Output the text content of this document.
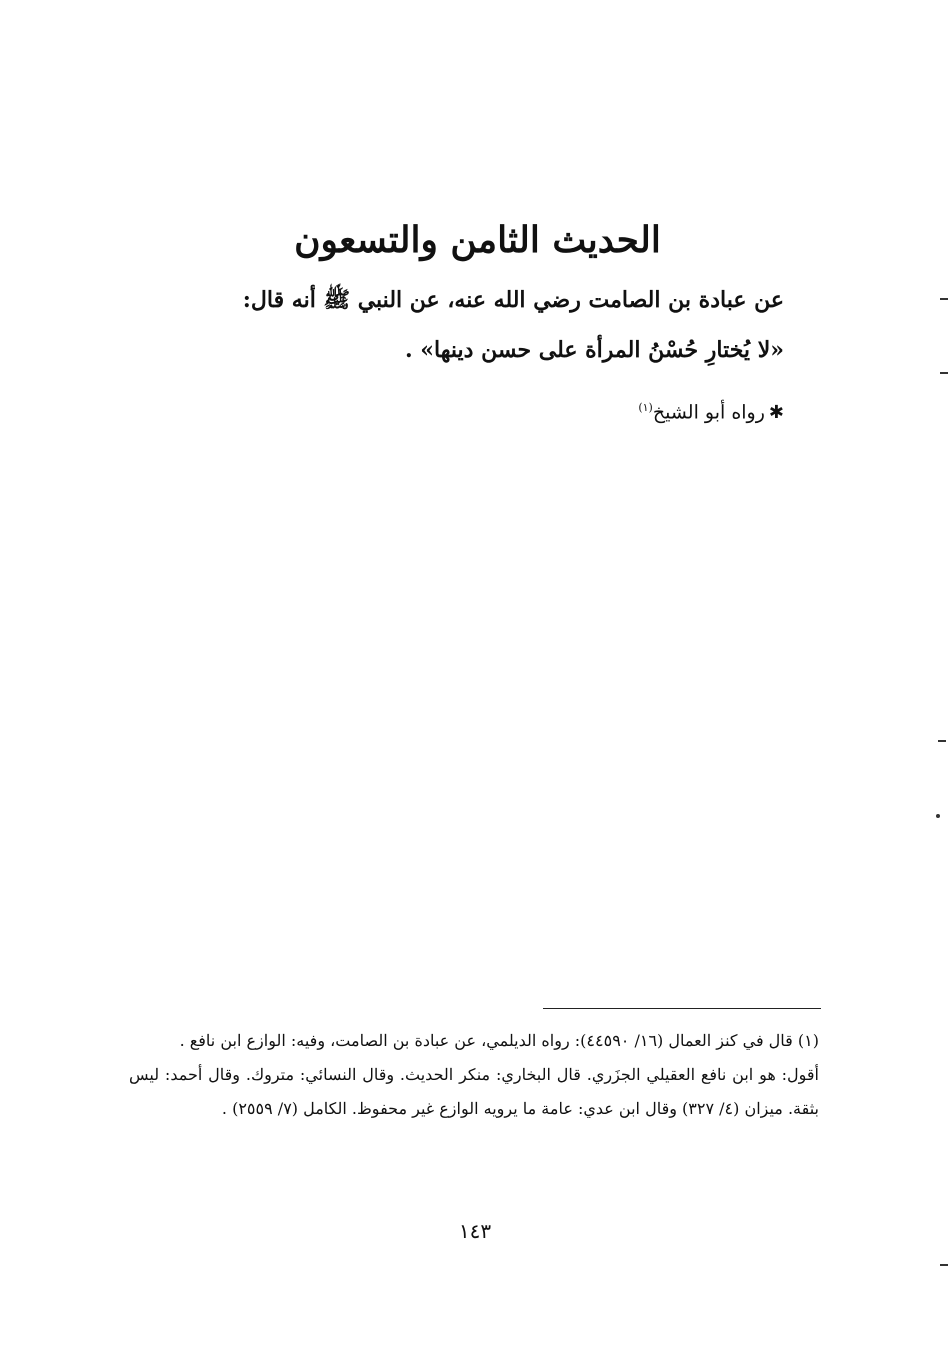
الحديث الثامن والتسعون
عن عبادة بن الصامت رضي الله عنه، عن النبي ﷺ أنه قال:
«لا يُختارِ حُسْنُ المرأة على حسن دينها» .
✱رواه أبو الشيخ$^{(١)}$

(١) قال في كنز العمال (١٦/ ٤٤٥٩٠): رواه الديلمي، عن عبادة بن الصامت، وفيه: الوازع ابن نافع .

أقول: هو ابن نافع العقيلي الجزَري. قال البخاري: منكر الحديث. وقال النسائي: متروك. وقال أحمد: ليس بثقة. ميزان (٤/ ٣٢٧) وقال ابن عدي: عامة ما يرويه الوازع غير محفوظ. الكامل (٧/ ٢٥٥٩) .

١٤٣
